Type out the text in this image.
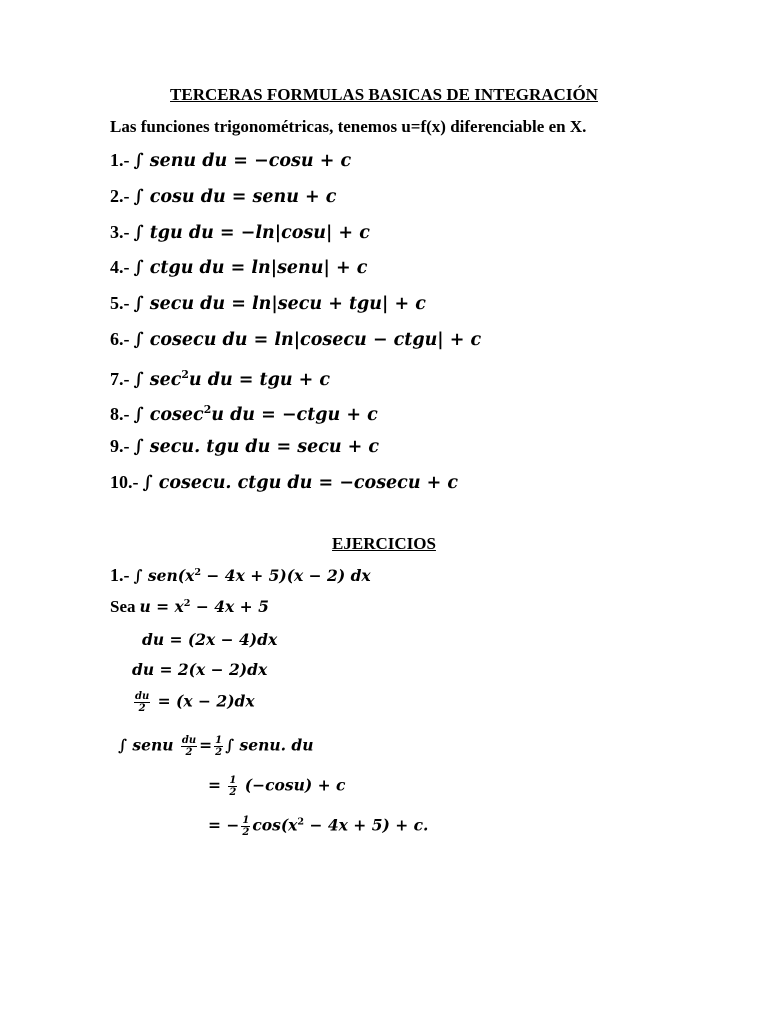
TERCERAS FORMULAS BASICAS DE INTEGRACIÓN
Las funciones trigonométricas, tenemos u=f(x) diferenciable en X.
1.- ∫ senu du = −cosu + c
2.- ∫ cosu du = senu + c
3.- ∫ tgu du = −ln|cosu| + c
4.- ∫ ctgu du = ln|senu| + c
5.- ∫ secu du = ln|secu + tgu| + c
6.- ∫ cosecu du = ln|cosecu − ctgu| + c
7.- ∫ $\sec^2u$ du = tgu + c
8.- ∫ cosec$^2$u du = −ctgu + c
9.- ∫ secu. tgu du = secu + c
10.- ∫ cosecu. ctgu du = −cosecu + c
EJERCICIOS
1.- ∫ $sen(x^2 - 4x + 5)(x - 2)$ dx
Sea $u = x^2 - 4x + 5$
du = (2x − 4)dx
du = 2(x − 2)dx
$\frac{du}{2} = (x - 2)dx$
∫ senu $\frac{du}{2} = \frac{1}{2}$ ∫ senu. du
= $\frac{1}{2} (-\cos u) + c$
= − $\frac{1}{2} \cos(x^2 - 4x + 5) + c$.
